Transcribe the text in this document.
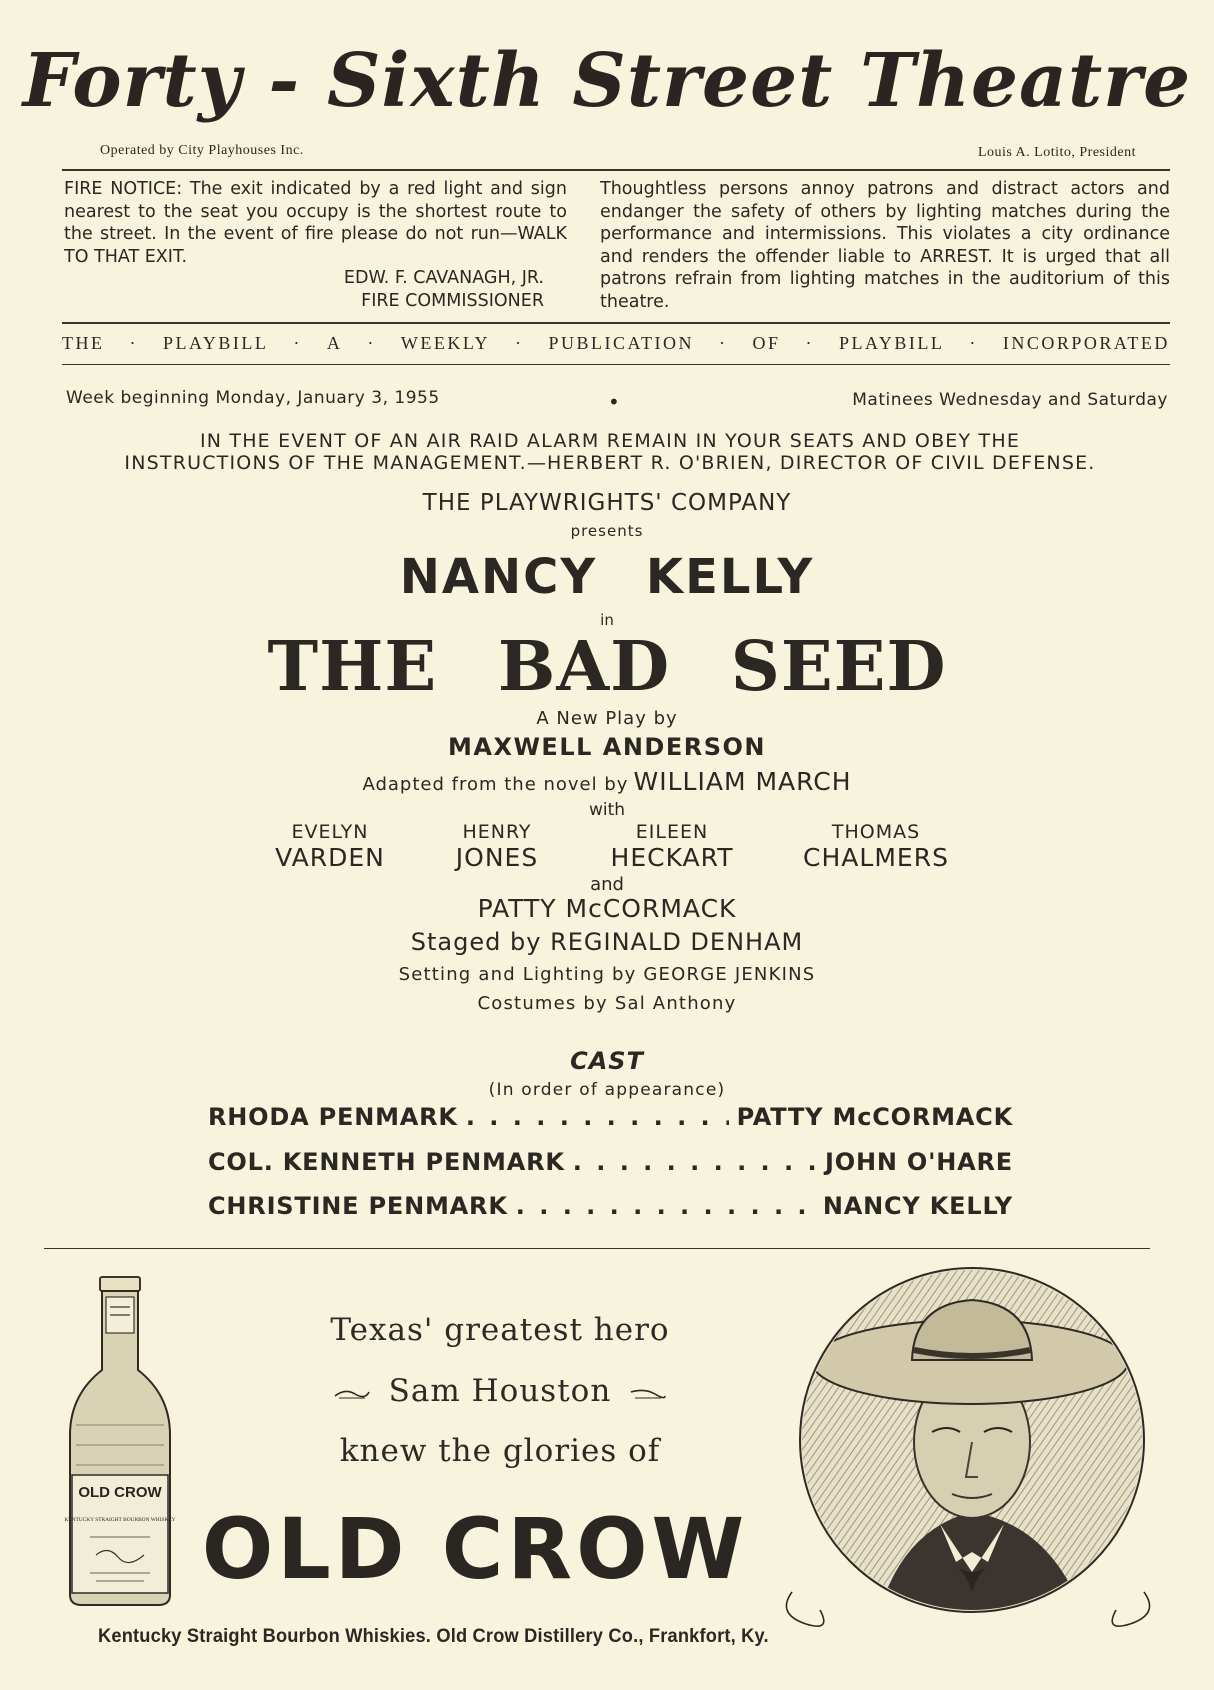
Forty - Sixth Street Theatre
Operated by City Playhouses Inc.	Louis A. Lotito, President
FIRE NOTICE: The exit indicated by a red light and sign nearest to the seat you occupy is the shortest route to the street. In the event of fire please do not run—WALK TO THAT EXIT.
EDW. F. CAVANAGH, JR.
FIRE COMMISSIONER
Thoughtless persons annoy patrons and distract actors and endanger the safety of others by lighting matches during the performance and intermissions. This violates a city ordinance and renders the offender liable to ARREST. It is urged that all patrons refrain from lighting matches in the auditorium of this theatre.
THE · PLAYBILL · A · WEEKLY · PUBLICATION · OF · PLAYBILL · INCORPORATED
Week beginning Monday, January 3, 1955	•	Matinees Wednesday and Saturday
IN THE EVENT OF AN AIR RAID ALARM REMAIN IN YOUR SEATS AND OBEY THE INSTRUCTIONS OF THE MANAGEMENT.—HERBERT R. O'BRIEN, DIRECTOR OF CIVIL DEFENSE.
THE PLAYWRIGHTS' COMPANY
presents
NANCY KELLY
in
THE BAD SEED
A New Play by
MAXWELL ANDERSON
Adapted from the novel by WILLIAM MARCH
with
EVELYN
VARDEN
HENRY
JONES
EILEEN
HECKART
THOMAS
CHALMERS
and
PATTY McCORMACK
Staged by REGINALD DENHAM
Setting and Lighting by GEORGE JENKINS
Costumes by Sal Anthony
CAST
(In order of appearance)
RHODA PENMARK . . .	PATTY McCORMACK
COL. KENNETH PENMARK . . .	JOHN O'HARE
CHRISTINE PENMARK . . .	NANCY KELLY
OLD CROW
KENTUCKY STRAIGHT BOURBON WHISKEY
Texas' greatest hero
Sam Houston
knew the glories of
OLD CROW
Kentucky Straight Bourbon Whiskies. Old Crow Distillery Co., Frankfort, Ky.
